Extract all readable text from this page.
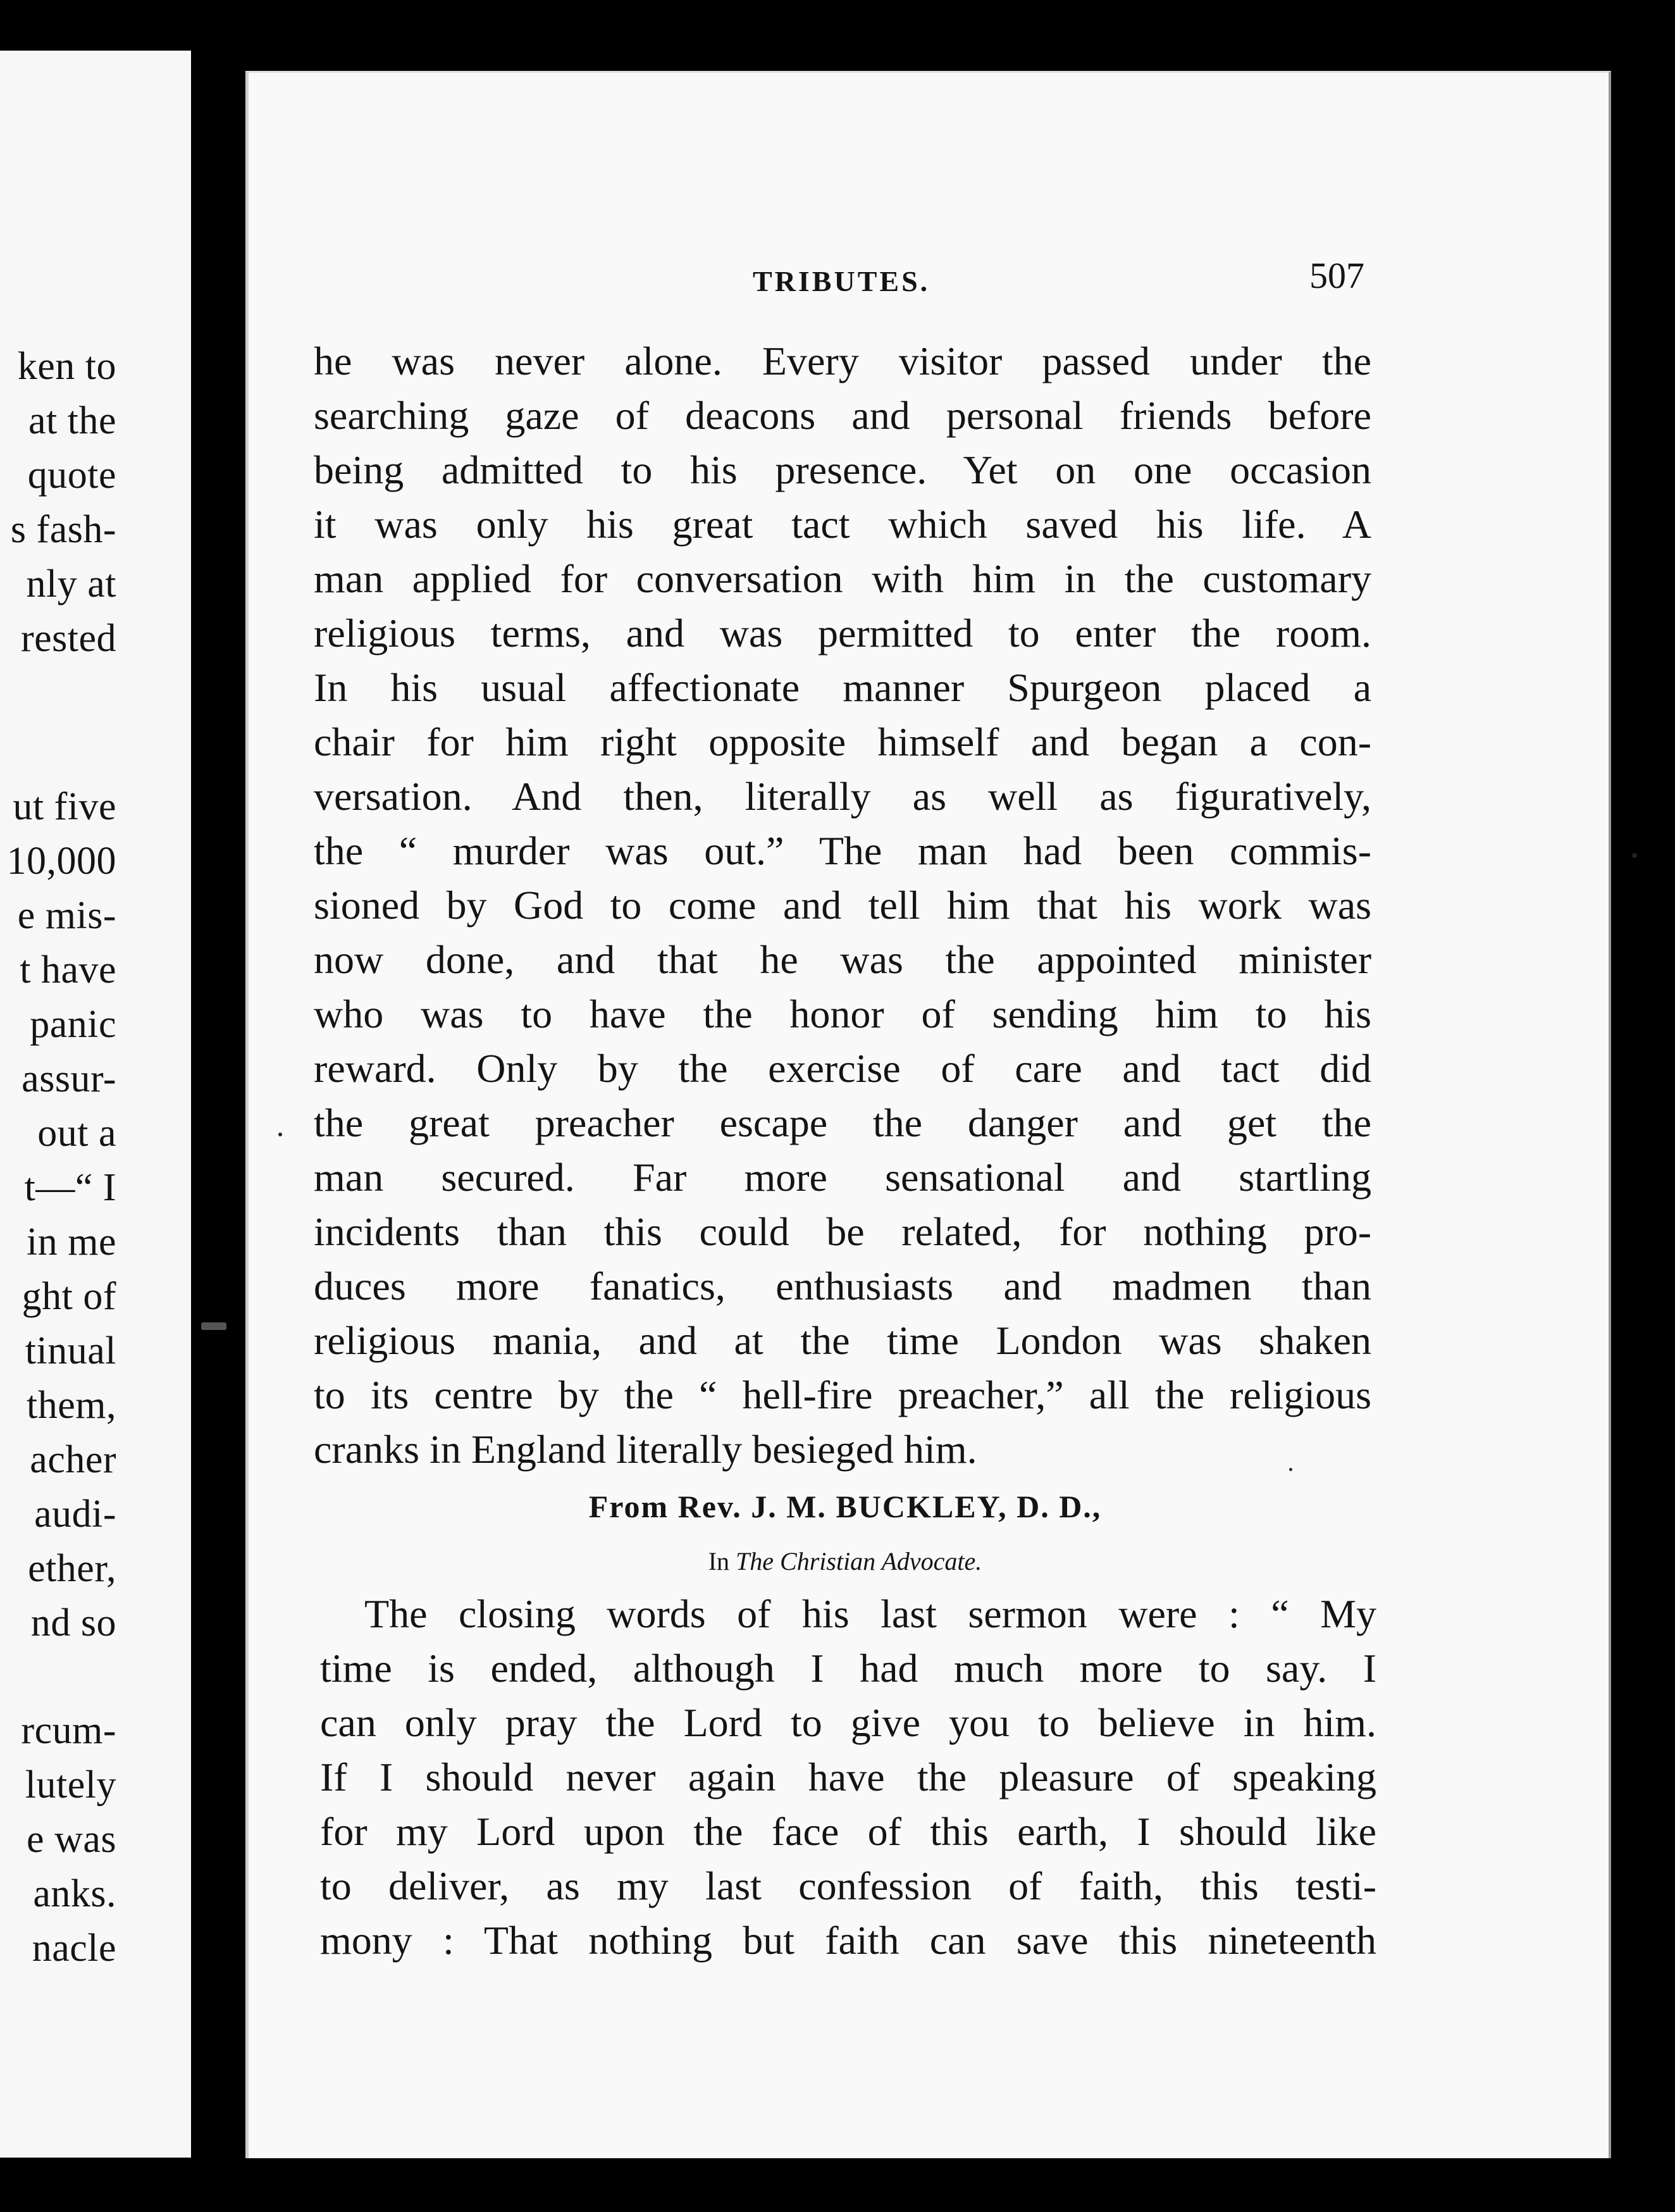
ken to
at the
quote
s fash-
nly at
rested
ut five
10,000
e mis-
t have
panic
assur-
out a
t—“ I
in me
ght of
tinual
them,
acher
audi-
ether,
nd so
rcum-
lutely
e was
anks.
nacle
TRIBUTES.	507
he was never alone. Every visitor passed under the
searching gaze of deacons and personal friends before
being admitted to his presence. Yet on one occasion
it was only his great tact which saved his life. A
man applied for conversation with him in the customary
religious terms, and was permitted to enter the room.
In his usual affectionate manner Spurgeon placed a
chair for him right opposite himself and began a con-
versation. And then, literally as well as figuratively,
the “ murder was out.” The man had been commis-
sioned by God to come and tell him that his work was
now done, and that he was the appointed minister
who was to have the honor of sending him to his
reward. Only by the exercise of care and tact did
the great preacher escape the danger and get the
man secured. Far more sensational and startling
incidents than this could be related, for nothing pro-
duces more fanatics, enthusiasts and madmen than
religious mania, and at the time London was shaken
to its centre by the “ hell-fire preacher,” all the religious
cranks in England literally besieged him.
From Rev. J. M. BUCKLEY, D. D.,
In The Christian Advocate.
The closing words of his last sermon were : “ My
time is ended, although I had much more to say. I
can only pray the Lord to give you to believe in him.
If I should never again have the pleasure of speaking
for my Lord upon the face of this earth, I should like
to deliver, as my last confession of faith, this testi-
mony : That nothing but faith can save this nineteenth
